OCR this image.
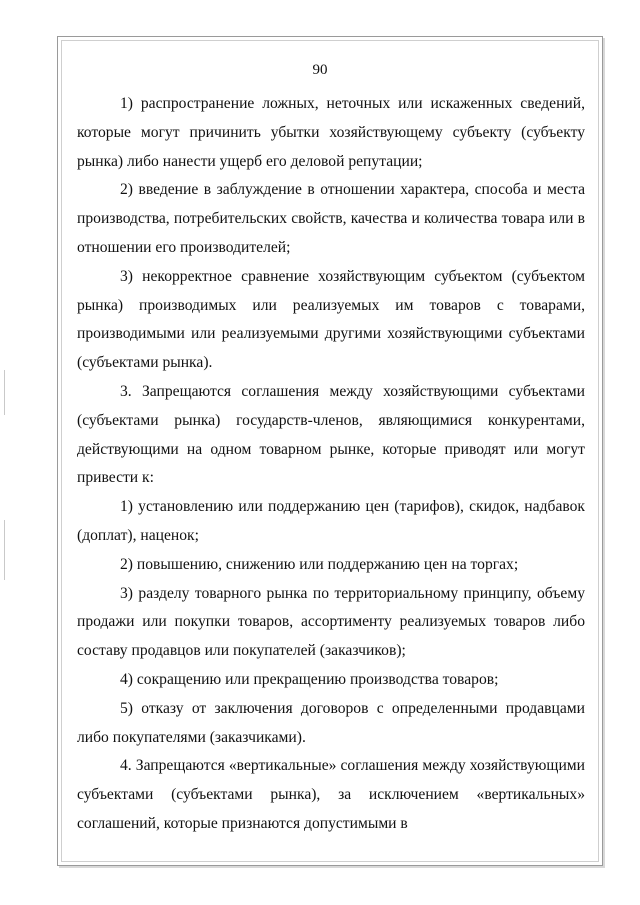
90

1) распространение ложных, неточных или искаженных сведений, которые могут причинить убытки хозяйствующему субъекту (субъекту рынка) либо нанести ущерб его деловой репутации;

2) введение в заблуждение в отношении характера, способа и места производства, потребительских свойств, качества и количества товара или в отношении его производителей;

3) некорректное сравнение хозяйствующим субъектом (субъектом рынка) производимых или реализуемых им товаров с товарами, производимыми или реализуемыми другими хозяйствующими субъектами (субъектами рынка).

3. Запрещаются соглашения между хозяйствующими субъектами (субъектами рынка) государств-членов, являющимися конкурентами, действующими на одном товарном рынке, которые приводят или могут привести к:

1) установлению или поддержанию цен (тарифов), скидок, надбавок (доплат), наценок;

2) повышению, снижению или поддержанию цен на торгах;

3) разделу товарного рынка по территориальному принципу, объему продажи или покупки товаров, ассортименту реализуемых товаров либо составу продавцов или покупателей (заказчиков);

4) сокращению или прекращению производства товаров;

5) отказу от заключения договоров с определенными продавцами либо покупателями (заказчиками).

4. Запрещаются «вертикальные» соглашения между хозяйствующими субъектами (субъектами рынка), за исключением «вертикальных» соглашений, которые признаются допустимыми в
